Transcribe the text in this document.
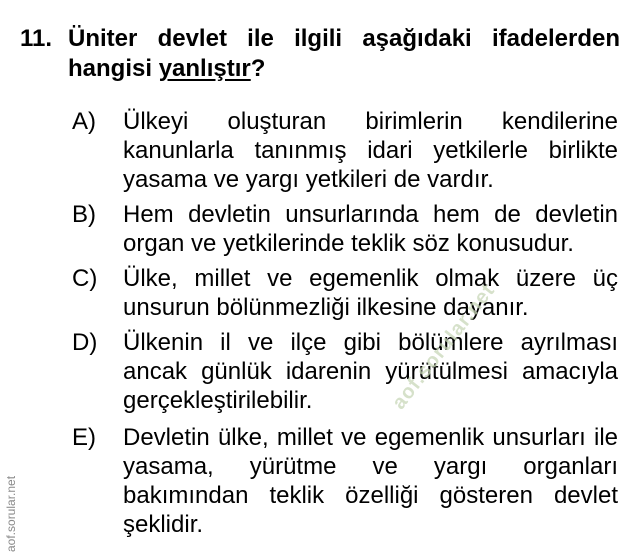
11. Üniter devlet ile ilgili aşağıdaki ifadelerden hangisi yanlıştır?
A)	Ülkeyi oluşturan birimlerin kendilerine kanunlarla tanınmış idari yetkilerle birlikte yasama ve yargı yetkileri de vardır.
B)	Hem devletin unsurlarında hem de devletin organ ve yetkilerinde teklik söz konusudur.
C)	Ülke, millet ve egemenlik olmak üzere üç unsurun bölünmezliği ilkesine dayanır.
D)	Ülkenin il ve ilçe gibi bölümlere ayrılması ancak günlük idarenin yürütülmesi amacıyla gerçekleştirilebilir.
E)	Devletin ülke, millet ve egemenlik unsurları ile yasama, yürütme ve yargı organları bakımından teklik özelliği gösteren devlet şeklidir.
aof.sorular.net
aof.sorular.net
